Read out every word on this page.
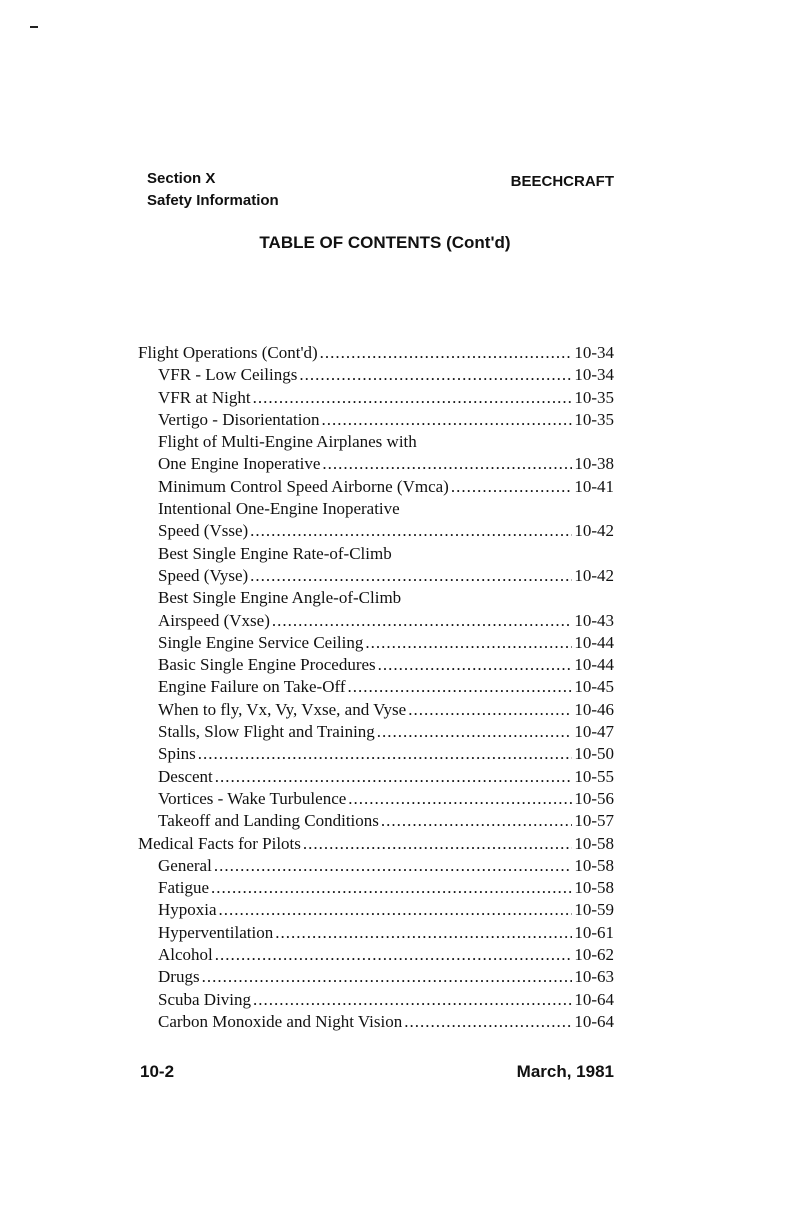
Section X
Safety Information
BEECHCRAFT
TABLE OF CONTENTS (Cont'd)
Flight Operations (Cont'd) .....	10-34
VFR - Low Ceilings .....	10-34
VFR at Night .....	10-35
Vertigo - Disorientation .....	10-35
Flight of Multi-Engine Airplanes with
One Engine Inoperative .....	10-38
Minimum Control Speed Airborne (Vmca) .....	10-41
Intentional One-Engine Inoperative
Speed (Vsse) .....	10-42
Best Single Engine Rate-of-Climb
Speed (Vyse) .....	10-42
Best Single Engine Angle-of-Climb
Airspeed (Vxse) .....	10-43
Single Engine Service Ceiling .....	10-44
Basic Single Engine Procedures .....	10-44
Engine Failure on Take-Off .....	10-45
When to fly, Vx, Vy, Vxse, and Vyse .....	10-46
Stalls, Slow Flight and Training .....	10-47
Spins .....	10-50
Descent .....	10-55
Vortices - Wake Turbulence .....	10-56
Takeoff and Landing Conditions .....	10-57
Medical Facts for Pilots .....	10-58
General .....	10-58
Fatigue .....	10-58
Hypoxia .....	10-59
Hyperventilation .....	10-61
Alcohol .....	10-62
Drugs .....	10-63
Scuba Diving .....	10-64
Carbon Monoxide and Night Vision .....	10-64
10-2	March, 1981
